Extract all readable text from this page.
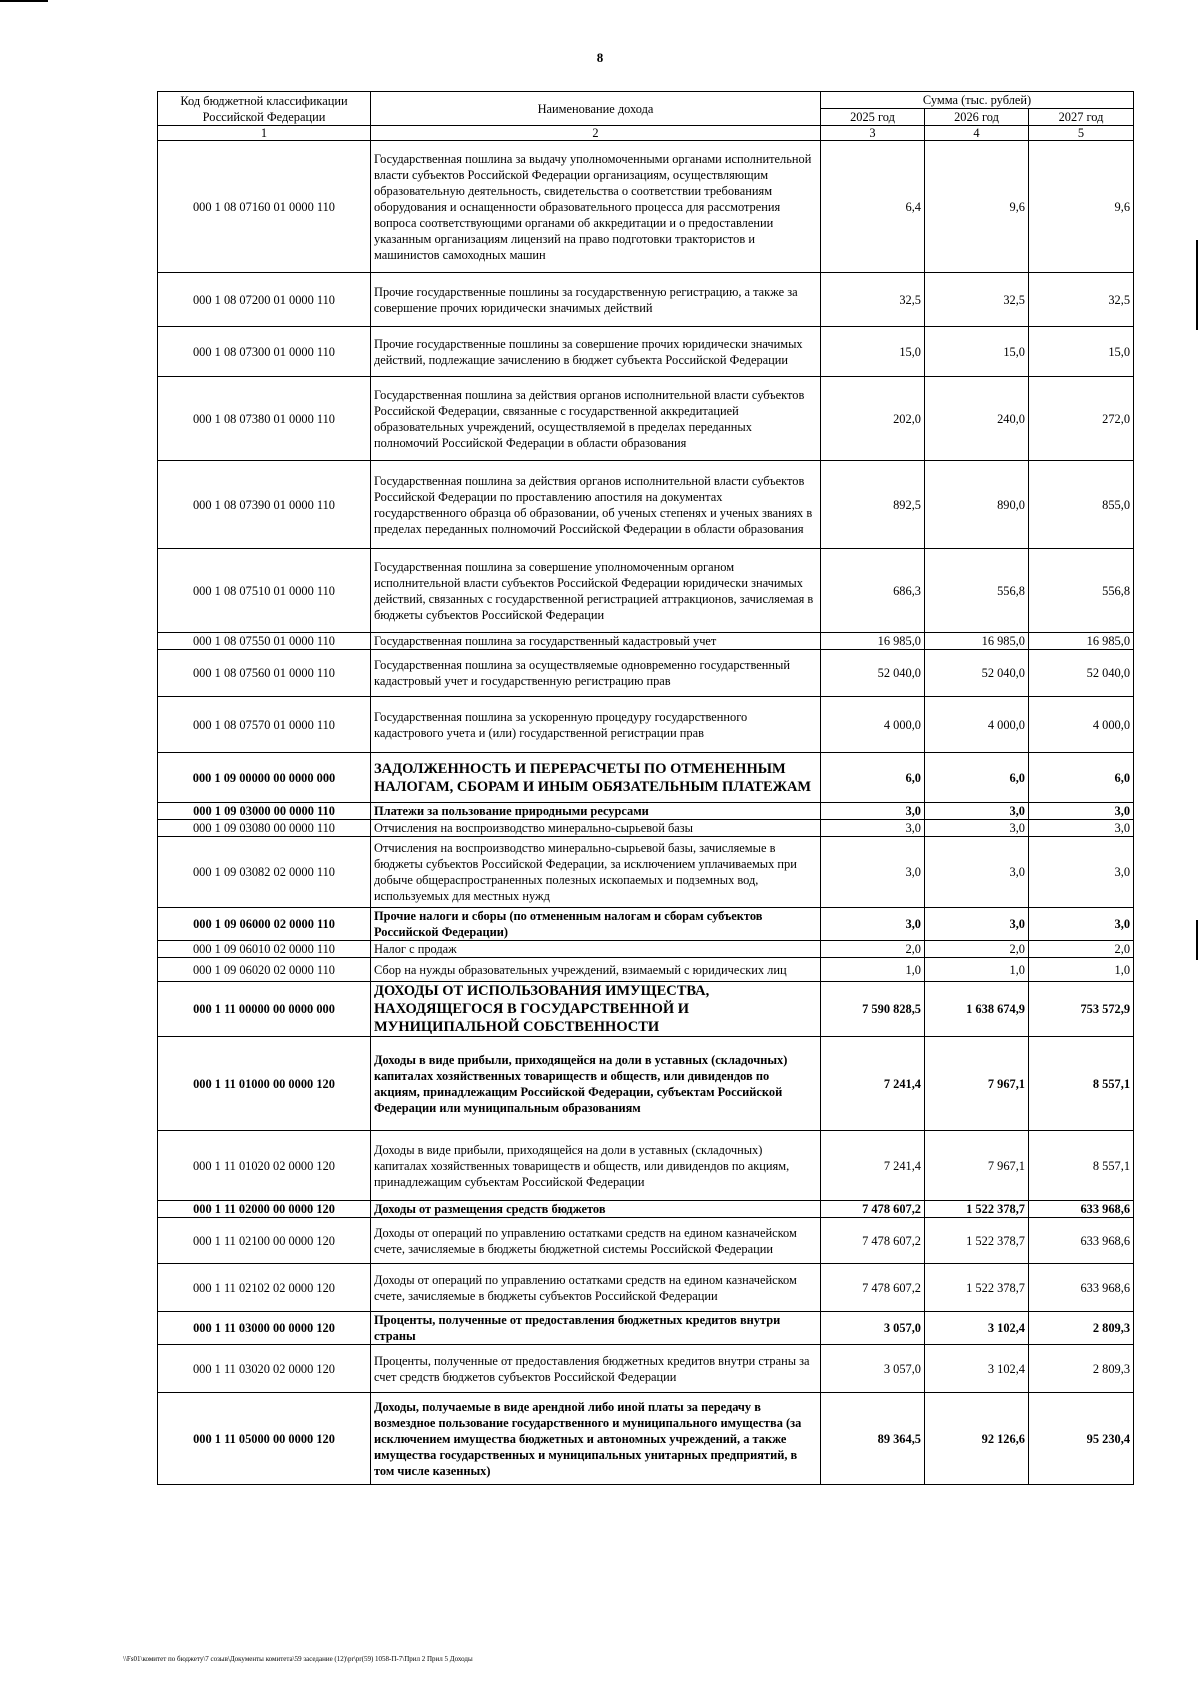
8
Код бюджетной классификации Российской Федерации	Наименование дохода	Сумма (тыс. рублей)		
		2025 год	2026 год	2027 год
1	2	3	4	5
000 1 08 07160 01 0000 110	Государственная пошлина за выдачу уполномоченными органами исполнительной власти субъектов Российской Федерации организациям, осуществляющим образовательную деятельность, свидетельства о соответствии требованиям оборудования и оснащенности образовательного процесса для рассмотрения вопроса соответствующими органами об аккредитации и о предоставлении указанным организациям лицензий на право подготовки трактористов и машинистов самоходных машин	6,4	9,6	9,6
000 1 08 07200 01 0000 110	Прочие государственные пошлины за государственную регистрацию, а также за совершение прочих юридически значимых действий	32,5	32,5	32,5
000 1 08 07300 01 0000 110	Прочие государственные пошлины за совершение прочих юридически значимых действий, подлежащие зачислению в бюджет субъекта Российской Федерации	15,0	15,0	15,0
000 1 08 07380 01 0000 110	Государственная пошлина за действия органов исполнительной власти субъектов Российской Федерации, связанные с государственной аккредитацией образовательных учреждений, осуществляемой в пределах переданных полномочий Российской Федерации в области образования	202,0	240,0	272,0
000 1 08 07390 01 0000 110	Государственная пошлина за действия органов исполнительной власти субъектов Российской Федерации по проставлению апостиля на документах государственного образца об образовании, об ученых степенях и ученых званиях в пределах переданных полномочий Российской Федерации в области образования	892,5	890,0	855,0
000 1 08 07510 01 0000 110	Государственная пошлина за совершение уполномоченным органом исполнительной власти субъектов Российской Федерации юридически значимых действий, связанных с государственной регистрацией аттракционов, зачисляемая в бюджеты субъектов Российской Федерации	686,3	556,8	556,8
000 1 08 07550 01 0000 110	Государственная пошлина за государственный кадастровый учет	16 985,0	16 985,0	16 985,0
000 1 08 07560 01 0000 110	Государственная пошлина за осуществляемые одновременно государственный кадастровый учет и государственную регистрацию прав	52 040,0	52 040,0	52 040,0
000 1 08 07570 01 0000 110	Государственная пошлина за ускоренную процедуру государственного кадастрового учета и (или) государственной регистрации прав	4 000,0	4 000,0	4 000,0
000 1 09 00000 00 0000 000	ЗАДОЛЖЕННОСТЬ И ПЕРЕРАСЧЕТЫ ПО ОТМЕНЕННЫМ НАЛОГАМ, СБОРАМ И ИНЫМ ОБЯЗАТЕЛЬНЫМ ПЛАТЕЖАМ	6,0	6,0	6,0
000 1 09 03000 00 0000 110	Платежи за пользование природными ресурсами	3,0	3,0	3,0
000 1 09 03080 00 0000 110	Отчисления на воспроизводство минерально-сырьевой базы	3,0	3,0	3,0
000 1 09 03082 02 0000 110	Отчисления на воспроизводство минерально-сырьевой базы, зачисляемые в бюджеты субъектов Российской Федерации, за исключением уплачиваемых при добыче общераспространенных полезных ископаемых и подземных вод, используемых для местных нужд	3,0	3,0	3,0
000 1 09 06000 02 0000 110	Прочие налоги и сборы (по отмененным налогам и сборам субъектов Российской Федерации)	3,0	3,0	3,0
000 1 09 06010 02 0000 110	Налог с продаж	2,0	2,0	2,0
000 1 09 06020 02 0000 110	Сбор на нужды образовательных учреждений, взимаемый с юридических лиц	1,0	1,0	1,0
000 1 11 00000 00 0000 000	ДОХОДЫ ОТ ИСПОЛЬЗОВАНИЯ ИМУЩЕСТВА, НАХОДЯЩЕГОСЯ В ГОСУДАРСТВЕННОЙ И МУНИЦИПАЛЬНОЙ СОБСТВЕННОСТИ	7 590 828,5	1 638 674,9	753 572,9
000 1 11 01000 00 0000 120	Доходы в виде прибыли, приходящейся на доли в уставных (складочных) капиталах хозяйственных товариществ и обществ, или дивидендов по акциям, принадлежащим Российской Федерации, субъектам Российской Федерации или муниципальным образованиям	7 241,4	7 967,1	8 557,1
000 1 11 01020 02 0000 120	Доходы в виде прибыли, приходящейся на доли в уставных (складочных) капиталах хозяйственных товариществ и обществ, или дивидендов по акциям, принадлежащим субъектам Российской Федерации	7 241,4	7 967,1	8 557,1
000 1 11 02000 00 0000 120	Доходы от размещения средств бюджетов	7 478 607,2	1 522 378,7	633 968,6
000 1 11 02100 00 0000 120	Доходы от операций по управлению остатками средств на едином казначейском счете, зачисляемые в бюджеты бюджетной системы Российской Федерации	7 478 607,2	1 522 378,7	633 968,6
000 1 11 02102 02 0000 120	Доходы от операций по управлению остатками средств на едином казначейском счете, зачисляемые в бюджеты субъектов Российской Федерации	7 478 607,2	1 522 378,7	633 968,6
000 1 11 03000 00 0000 120	Проценты, полученные от предоставления бюджетных кредитов внутри страны	3 057,0	3 102,4	2 809,3
000 1 11 03020 02 0000 120	Проценты, полученные от предоставления бюджетных кредитов внутри страны за счет средств бюджетов субъектов Российской Федерации	3 057,0	3 102,4	2 809,3
000 1 11 05000 00 0000 120	Доходы, получаемые в виде арендной либо иной платы за передачу в возмездное пользование государственного и муниципального имущества (за исключением имущества бюджетных и автономных учреждений, а также имущества государственных и муниципальных унитарных предприятий, в том числе казенных)	89 364,5	92 126,6	95 230,4
\\Fs01\комитет по бюджету\7 созыв\Документы комитета\59 заседание (12)\pr\pr(59) 1058-П-7\Прил 2 Прил 5 Доходы
